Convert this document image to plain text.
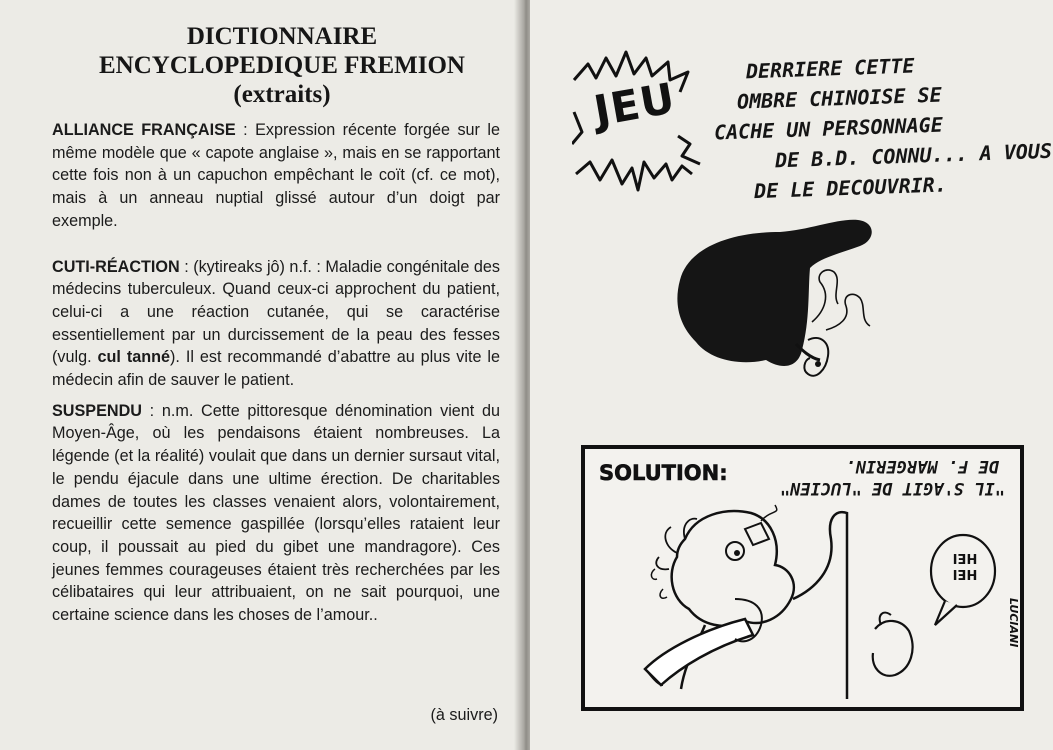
DICTIONNAIRE
ENCYCLOPEDIQUE FREMION
(extraits)

ALLIANCE FRANÇAISE : Expression récente forgée sur le même modèle que « capote anglaise », mais en se rapportant cette fois non à un capuchon empêchant le coït (cf. ce mot), mais à un anneau nuptial glissé autour d’un doigt par exemple.

CUTI-RÉACTION : (kytireaks jô) n.f. : Maladie congénitale des médecins tuberculeux. Quand ceux-ci approchent du patient, celui-ci a une réaction cutanée, qui se caractérise essentiellement par un durcissement de la peau des fesses (vulg. cul tanné). Il est recommandé d’abattre au plus vite le médecin afin de sauver le patient.

SUSPENDU : n.m. Cette pittoresque dénomination vient du Moyen-Âge, où les pendaisons étaient nombreuses. La légende (et la réalité) voulait que dans un dernier sursaut vital, le pendu éjacule dans une ultime érection. De charitables dames de toutes les classes venaient alors, volontairement, recueillir cette semence gaspillée (lorsqu’elles rataient leur coup, il poussait au pied du gibet une mandragore). Ces jeunes femmes courageuses étaient très recherchées par les célibataires qui leur attribuaient, on ne sait pourquoi, une certaine science dans les choses de l’amour..

(à suivre)
JEU
DERRIERE CETTE
OMBRE CHINOISE SE
CACHE UN PERSONNAGE
DE B.D. CONNU... A VOUS
DE LE DECOUVRIR.
SOLUTION:
"IL S'AGIT DE "LUCIEN"
DE F. MARGERIN.
HEI
HEI
LUCIANI
